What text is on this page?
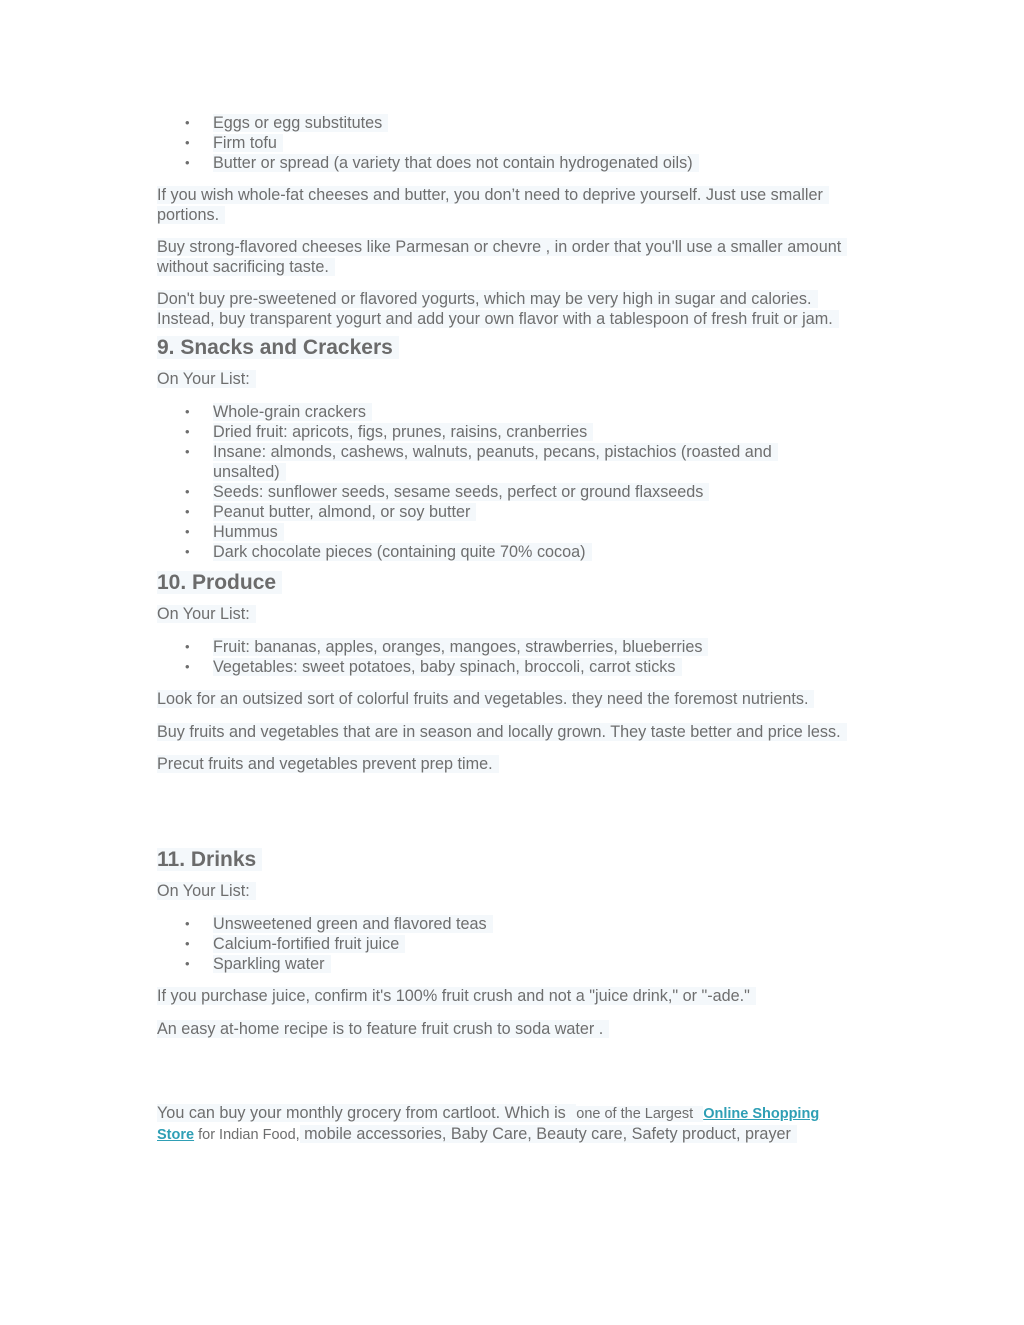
• Eggs or egg substitutes
• Firm tofu
• Butter or spread (a variety that does not contain hydrogenated oils)

If you wish whole-fat cheeses and butter, you don’t need to deprive yourself. Just use smaller portions.

Buy strong-flavored cheeses like Parmesan or chevre , in order that you'll use a smaller amount without sacrificing taste.

Don't buy pre-sweetened or flavored yogurts, which may be very high in sugar and calories. Instead, buy transparent yogurt and add your own flavor with a tablespoon of fresh fruit or jam.

9. Snacks and Crackers

On Your List:

• Whole-grain crackers
• Dried fruit: apricots, figs, prunes, raisins, cranberries
• Insane: almonds, cashews, walnuts, peanuts, pecans, pistachios (roasted and unsalted)
• Seeds: sunflower seeds, sesame seeds, perfect or ground flaxseeds
• Peanut butter, almond, or soy butter
• Hummus
• Dark chocolate pieces (containing quite 70% cocoa)
10. Produce

On Your List:

• Fruit: bananas, apples, oranges, mangoes, strawberries, blueberries
• Vegetables: sweet potatoes, baby spinach, broccoli, carrot sticks

Look for an outsized sort of colorful fruits and vegetables. they need the foremost nutrients.

Buy fruits and vegetables that are in season and locally grown. They taste better and price less.

Precut fruits and vegetables prevent prep time.

11. Drinks

On Your List:

• Unsweetened green and flavored teas
• Calcium-fortified fruit juice
• Sparkling water

If you purchase juice, confirm it's 100% fruit crush and not a "juice drink," or "-ade."

An easy at-home recipe is to feature fruit crush to soda water .

You can buy your monthly grocery from cartloot. Which is one of the Largest Online Shopping Store for Indian Food, mobile accessories, Baby Care, Beauty care, Safety product, prayer
